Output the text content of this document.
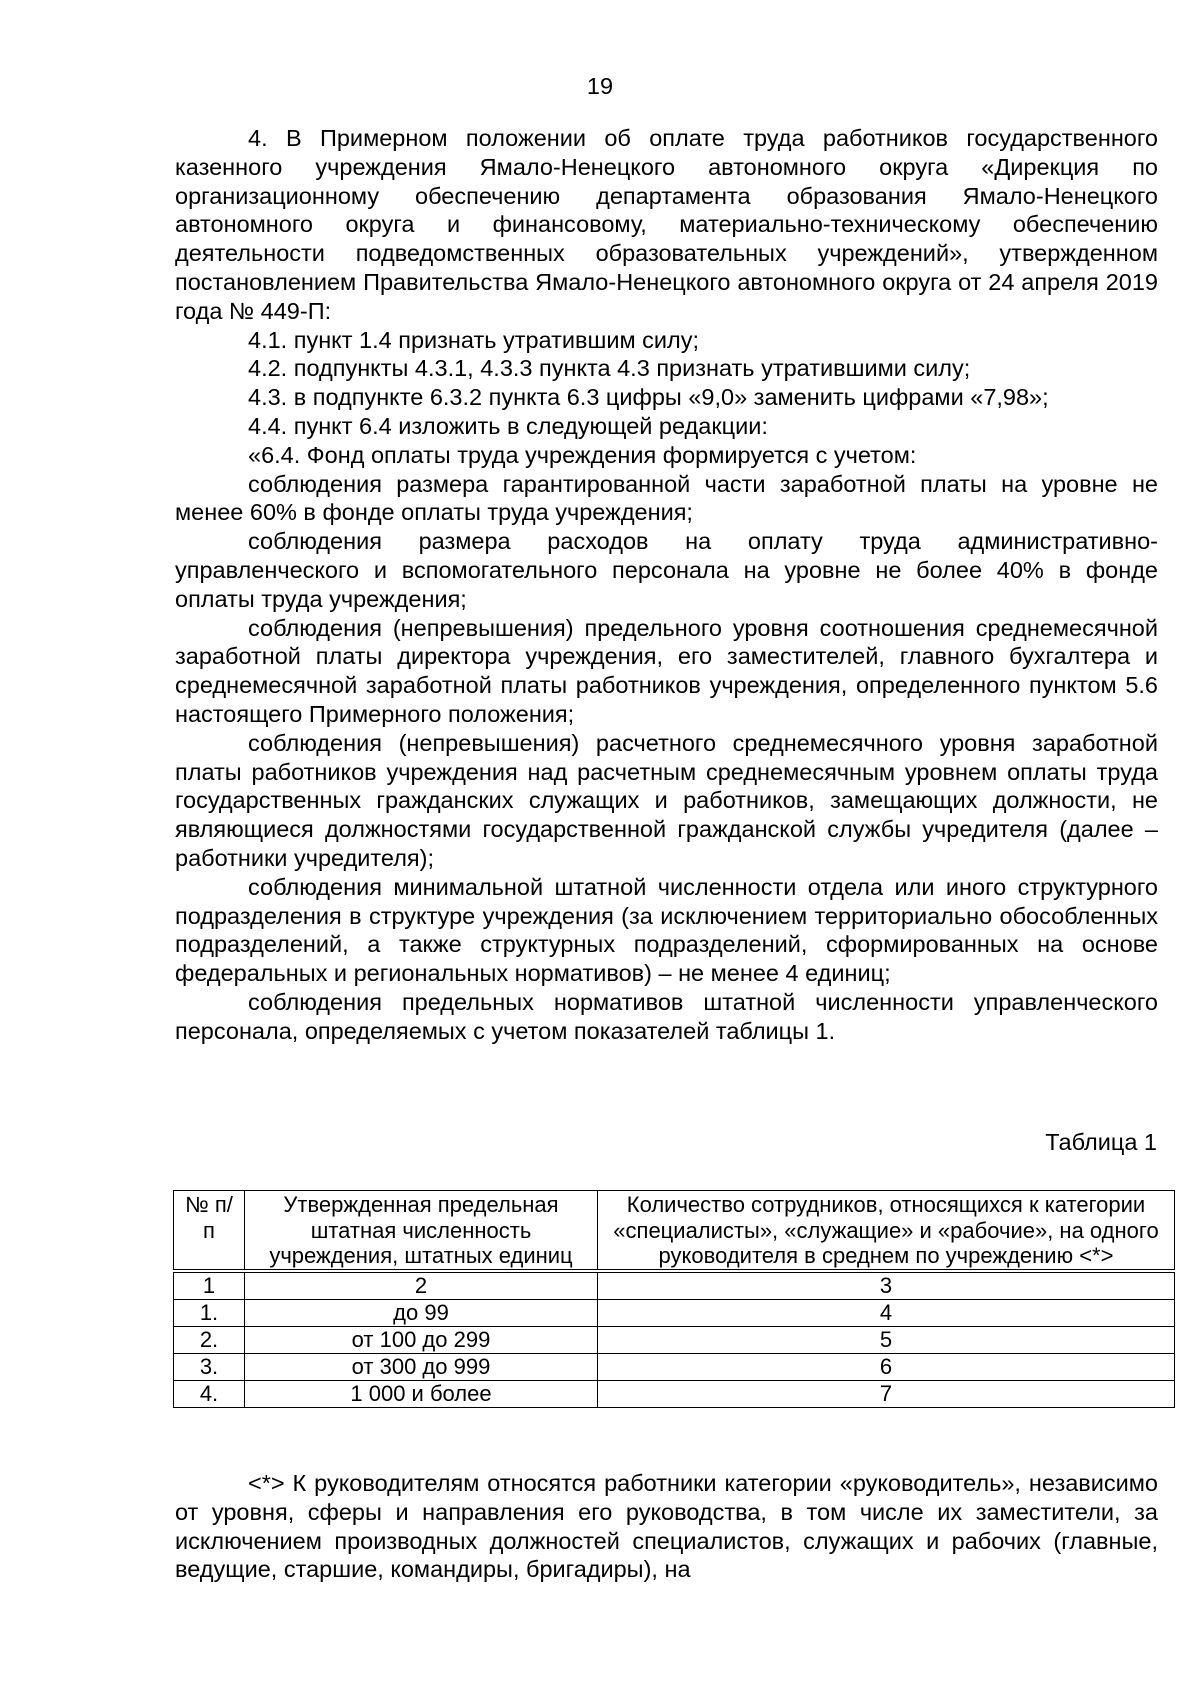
19

4. В Примерном положении об оплате труда работников государственного казенного учреждения Ямало-Ненецкого автономного округа «Дирекция по организационному обеспечению департамента образования Ямало-Ненецкого автономного округа и финансовому, материально-техническому обеспечению деятельности подведомственных образовательных учреждений», утвержденном постановлением Правительства Ямало-Ненецкого автономного округа от 24 апреля 2019 года № 449-П:

4.1. пункт 1.4 признать утратившим силу;

4.2. подпункты 4.3.1, 4.3.3 пункта 4.3 признать утратившими силу;

4.3. в подпункте 6.3.2 пункта 6.3 цифры «9,0» заменить цифрами «7,98»;

4.4. пункт 6.4 изложить в следующей редакции:

«6.4. Фонд оплаты труда учреждения формируется с учетом:

соблюдения размера гарантированной части заработной платы на уровне не менее 60% в фонде оплаты труда учреждения;

соблюдения размера расходов на оплату труда административно-управленческого и вспомогательного персонала на уровне не более 40% в фонде оплаты труда учреждения;

соблюдения (непревышения) предельного уровня соотношения среднемесячной заработной платы директора учреждения, его заместителей, главного бухгалтера и среднемесячной заработной платы работников учреждения, определенного пунктом 5.6 настоящего Примерного положения;

соблюдения (непревышения) расчетного среднемесячного уровня заработной платы работников учреждения над расчетным среднемесячным уровнем оплаты труда государственных гражданских служащих и работников, замещающих должности, не являющиеся должностями государственной гражданской службы учредителя (далее – работники учредителя);

соблюдения минимальной штатной численности отдела или иного структурного подразделения в структуре учреждения (за исключением территориально обособленных подразделений, а также структурных подразделений, сформированных на основе федеральных и региональных нормативов) – не менее 4 единиц;

соблюдения предельных нормативов штатной численности управленческого персонала, определяемых с учетом показателей таблицы 1.

Таблица 1
№ п/п	Утвержденная предельная штатная численность учреждения, штатных единиц	Количество сотрудников, относящихся к категории «специалисты», «служащие» и «рабочие», на одного руководителя в среднем по учреждению <*>

1	2	3
1.	до 99	4
2.	от 100 до 299	5
3.	от 300 до 999	6
4.	1 000 и более	7

<*> К руководителям относятся работники категории «руководитель», независимо от уровня, сферы и направления его руководства, в том числе их заместители, за исключением производных должностей специалистов, служащих и рабочих (главные, ведущие, старшие, командиры, бригадиры), на
